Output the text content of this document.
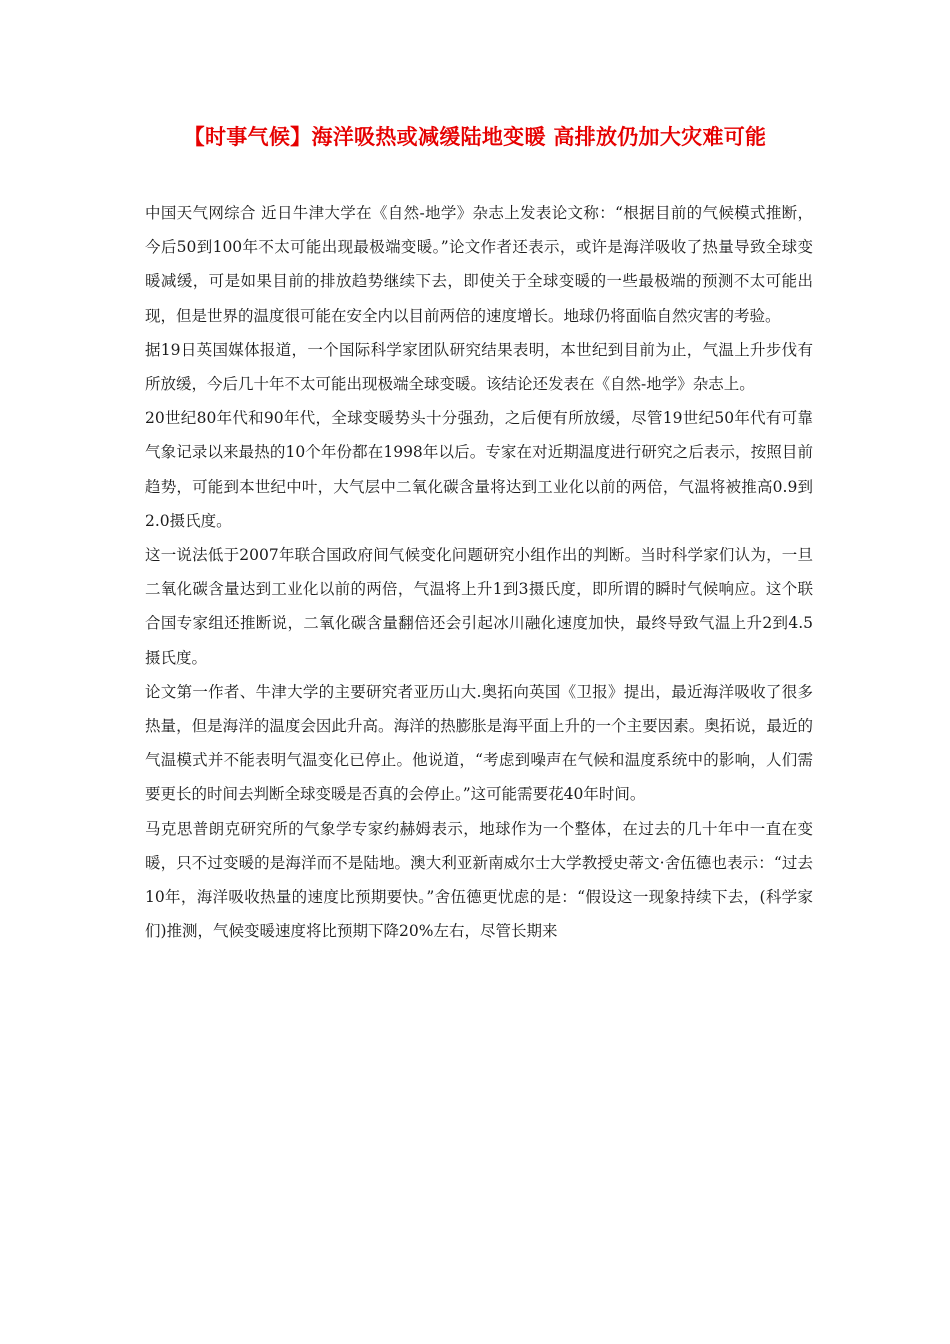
【时事气候】海洋吸热或减缓陆地变暖 高排放仍加大灾难可能

中国天气网综合 近日牛津大学在《自然-地学》杂志上发表论文称：“根据目前的气候模式推断，今后50到100年不太可能出现最极端变暖。”论文作者还表示，或许是海洋吸收了热量导致全球变暖减缓，可是如果目前的排放趋势继续下去，即使关于全球变暖的一些最极端的预测不太可能出现，但是世界的温度很可能在安全内以目前两倍的速度增长。地球仍将面临自然灾害的考验。

据19日英国媒体报道，一个国际科学家团队研究结果表明，本世纪到目前为止，气温上升步伐有所放缓，今后几十年不太可能出现极端全球变暖。该结论还发表在《自然-地学》杂志上。

20世纪80年代和90年代，全球变暖势头十分强劲，之后便有所放缓，尽管19世纪50年代有可靠气象记录以来最热的10个年份都在1998年以后。专家在对近期温度进行研究之后表示，按照目前趋势，可能到本世纪中叶，大气层中二氧化碳含量将达到工业化以前的两倍，气温将被推高0.9到2.0摄氏度。

这一说法低于2007年联合国政府间气候变化问题研究小组作出的判断。当时科学家们认为，一旦二氧化碳含量达到工业化以前的两倍，气温将上升1到3摄氏度，即所谓的瞬时气候响应。这个联合国专家组还推断说，二氧化碳含量翻倍还会引起冰川融化速度加快，最终导致气温上升2到4.5摄氏度。

论文第一作者、牛津大学的主要研究者亚历山大.奥拓向英国《卫报》提出，最近海洋吸收了很多热量，但是海洋的温度会因此升高。海洋的热膨胀是海平面上升的一个主要因素。奥拓说，最近的气温模式并不能表明气温变化已停止。他说道，“考虑到噪声在气候和温度系统中的影响，人们需要更长的时间去判断全球变暖是否真的会停止。”这可能需要花40年时间。

马克思普朗克研究所的气象学专家约赫姆表示，地球作为一个整体，在过去的几十年中一直在变暖，只不过变暖的是海洋而不是陆地。澳大利亚新南威尔士大学教授史蒂文·舍伍德也表示：“过去10年，海洋吸收热量的速度比预期要快。”舍伍德更忧虑的是：“假设这一现象持续下去，(科学家们)推测，气候变暖速度将比预期下降20%左右，尽管长期来
